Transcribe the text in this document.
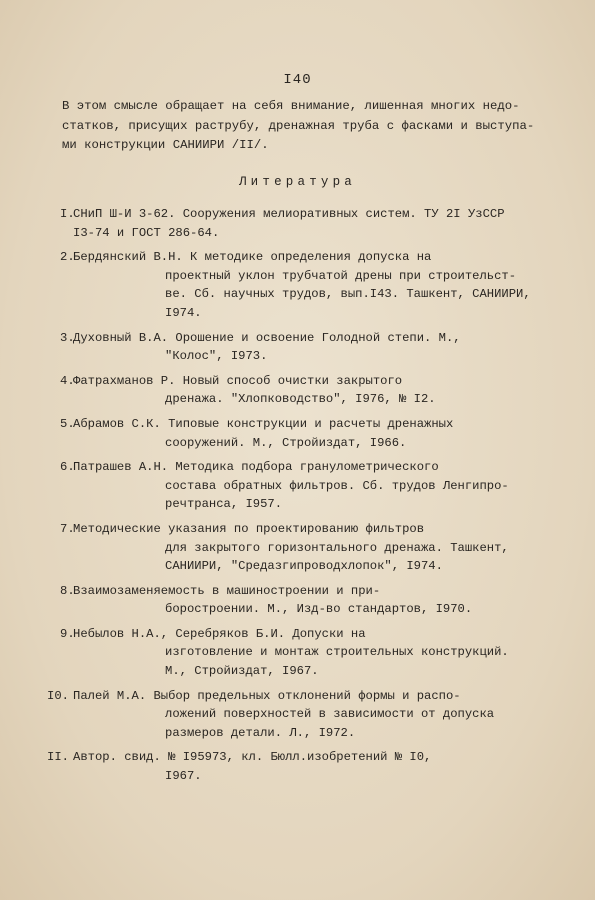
I40
В этом смысле обращает на себя внимание, лишенная многих недо-
статков, присущих раструбу, дренажная труба с фасками и выступа-
ми конструкции САНИИРИ /II/.
Литература
I.
СНиП Ш-И 3-62. Сооружения мелиоративных систем. ТУ 2I УзССР
I3-74 и ГОСТ 286-64.
2.
Бердянский В.Н. К методике определения допуска на
проектный уклон трубчатой дрены при строительст-
ве. Сб. научных трудов, вып.I43. Ташкент, САНИИРИ,
I974.
3.
Духовный В.А. Орошение и освоение Голодной степи. М.,
"Колос", I973.
4.
Фатрахманов Р. Новый способ очистки закрытого
дренажа. "Хлопководство", I976, № I2.
5.
Абрамов С.К. Типовые конструкции и расчеты дренажных
сооружений. М., Стройиздат, I966.
6.
Патрашев А.Н. Методика подбора гранулометрического
состава обратных фильтров. Сб. трудов Ленгипро-
речтранса, I957.
7.
Методические указания по проектированию фильтров
для закрытого горизонтального дренажа. Ташкент,
САНИИРИ, "Средазгипроводхлопок", I974.
8.
Взаимозаменяемость в машиностроении и при-
боростроении. М., Изд-во стандартов, I970.
9.
Небылов Н.А., Серебряков Б.И. Допуски на
изготовление и монтаж строительных конструкций.
М., Стройиздат, I967.
I0. Палей М.А. Выбор предельных отклонений формы и распо-
ложений поверхностей в зависимости от допуска
размеров детали. Л., I972.
II. Автор. свид. № I95973, кл. Бюлл.изобретений № I0,
I967.
